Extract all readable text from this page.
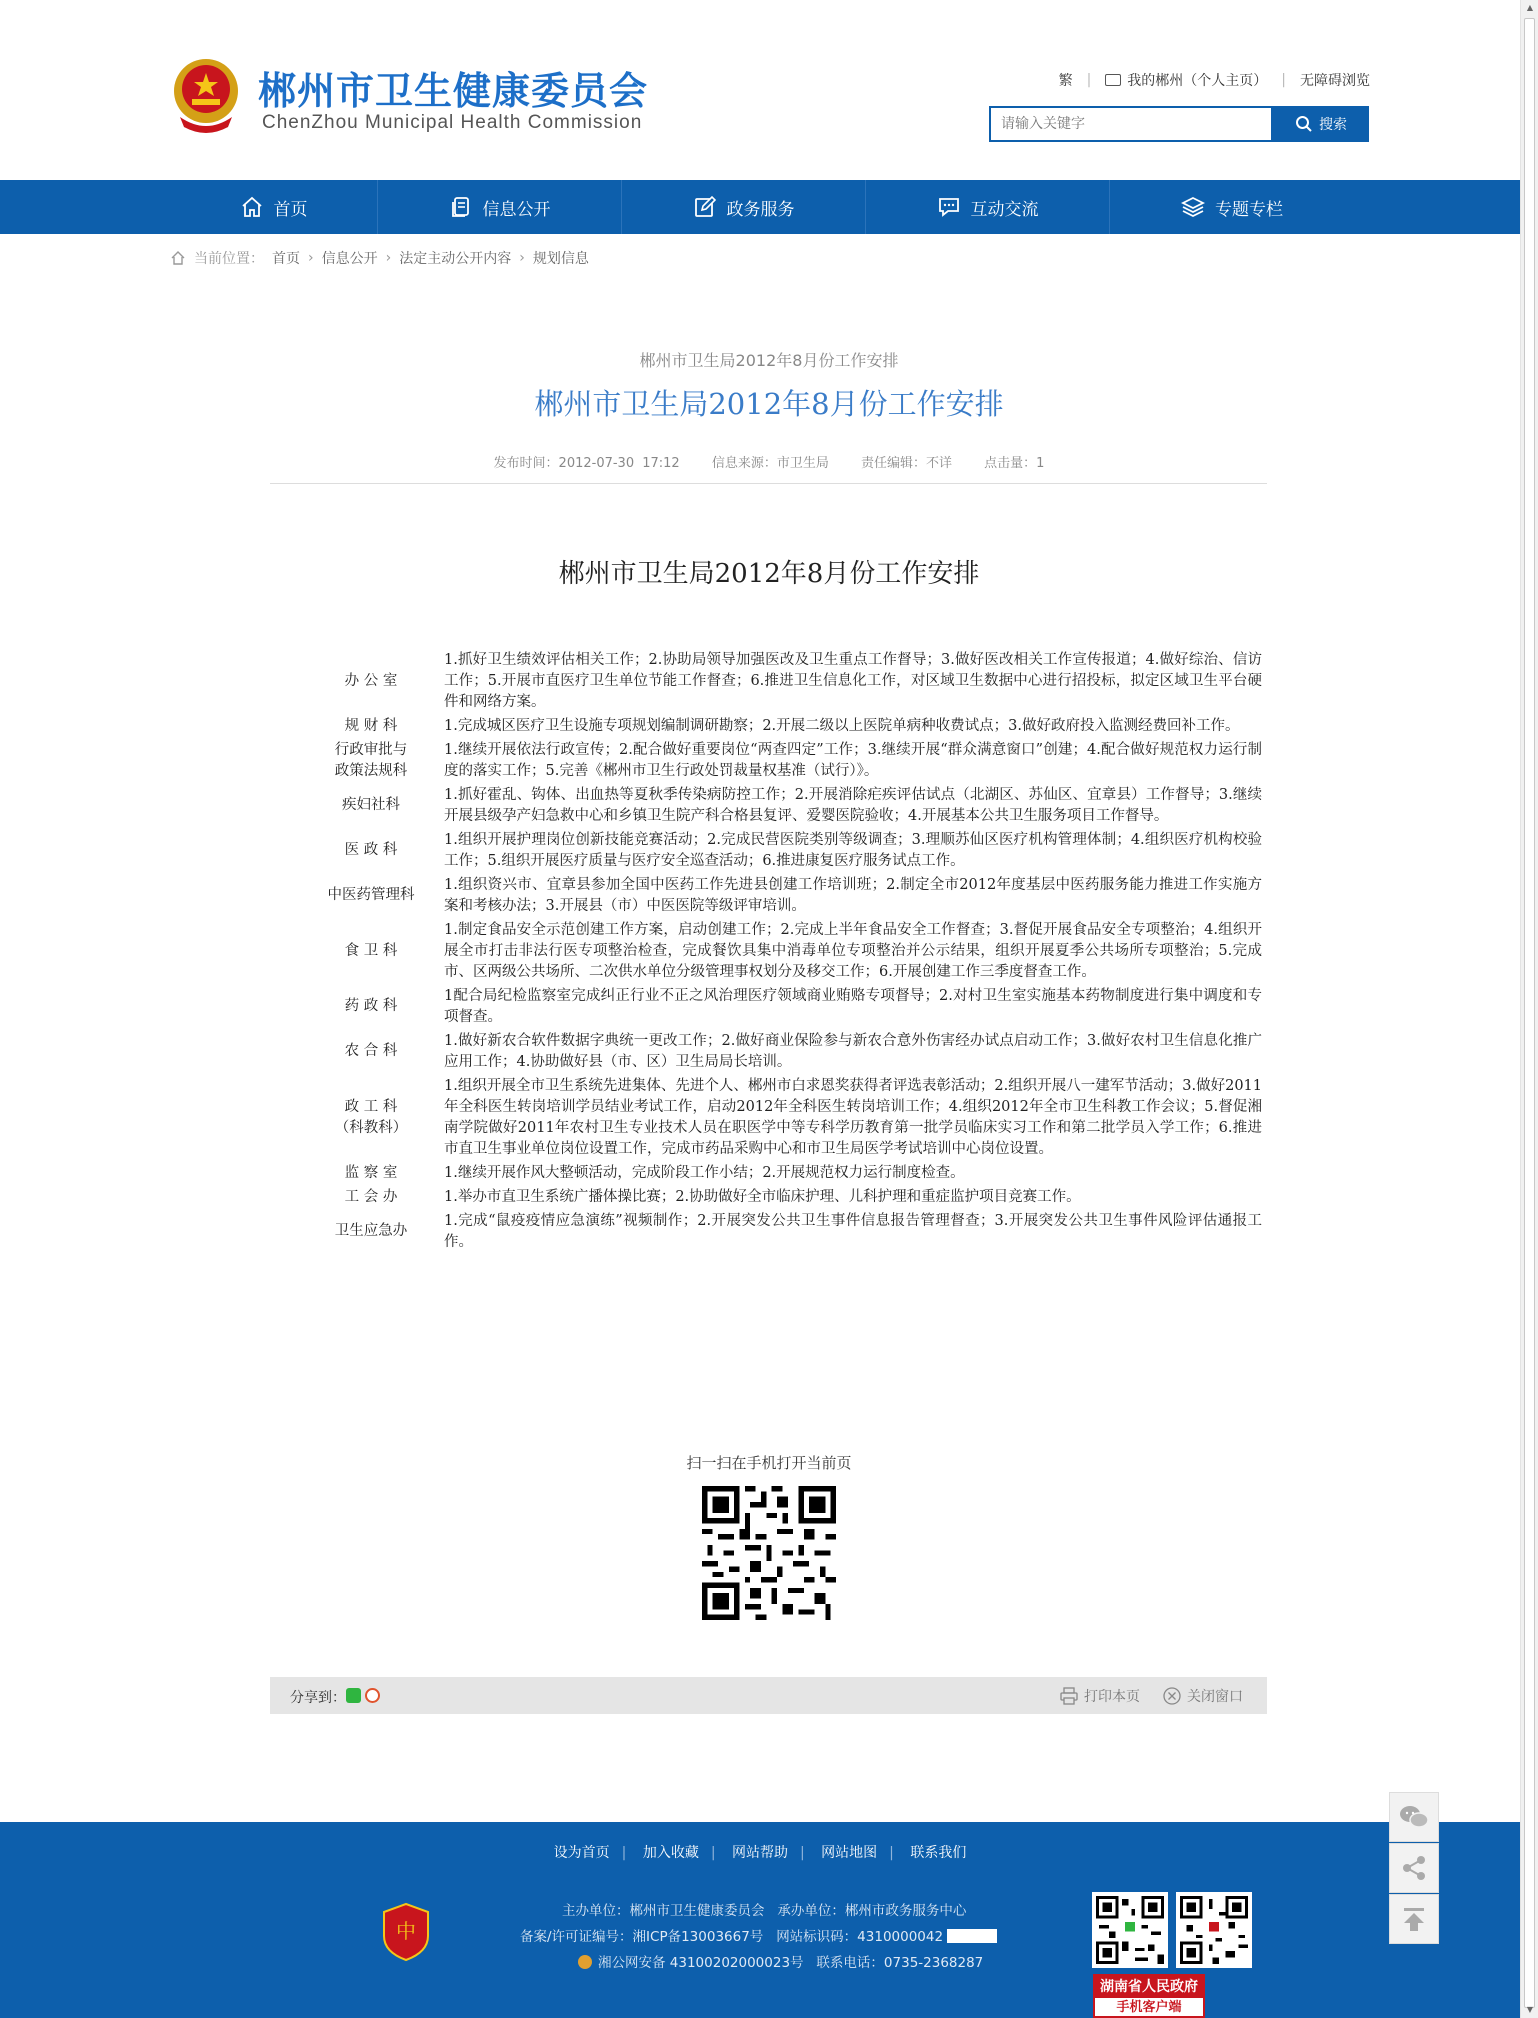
郴州市卫生健康委员会
ChenZhou Municipal Health Commission
繁 |	我的郴州（个人主页） | 无障碍浏览
请输入关键字
搜索
首页	信息公开	政务服务	互动交流	专题专栏
当前位置： 首页 › 信息公开 › 法定主动公开内容 › 规划信息
郴州市卫生局2012年8月份工作安排
郴州市卫生局2012年8月份工作安排
发布时间：2012-07-30 17:12 信息来源：市卫生局 责任编辑：不详 点击量：1
郴州市卫生局2012年8月份工作安排
办 公 室	1.抓好卫生绩效评估相关工作；2.协助局领导加强医改及卫生重点工作督导；3.做好医改相关工作宣传报道；4.做好综治、信访工作；5.开展市直医疗卫生单位节能工作督查；6.推进卫生信息化工作，对区域卫生数据中心进行招投标，拟定区域卫生平台硬件和网络方案。
规 财 科	1.完成城区医疗卫生设施专项规划编制调研勘察；2.开展二级以上医院单病种收费试点；3.做好政府投入监测经费回补工作。
行政审批与
政策法规科	1.继续开展依法行政宣传；2.配合做好重要岗位“两查四定”工作；3.继续开展“群众满意窗口”创建；4.配合做好规范权力运行制度的落实工作；5.完善《郴州市卫生行政处罚裁量权基准（试行）》。
疾妇社科	1.抓好霍乱、钩体、出血热等夏秋季传染病防控工作；2.开展消除疟疾评估试点（北湖区、苏仙区、宜章县）工作督导；3.继续开展县级孕产妇急救中心和乡镇卫生院产科合格县复评、爱婴医院验收；4.开展基本公共卫生服务项目工作督导。
医 政 科	1.组织开展护理岗位创新技能竞赛活动；2.完成民营医院类别等级调查；3.理顺苏仙区医疗机构管理体制；4.组织医疗机构校验工作；5.组织开展医疗质量与医疗安全巡查活动；6.推进康复医疗服务试点工作。
中医药管理科	1.组织资兴市、宜章县参加全国中医药工作先进县创建工作培训班；2.制定全市2012年度基层中医药服务能力推进工作实施方案和考核办法；3.开展县（市）中医医院等级评审培训。
食 卫 科	1.制定食品安全示范创建工作方案，启动创建工作；2.完成上半年食品安全工作督查；3.督促开展食品安全专项整治；4.组织开展全市打击非法行医专项整治检查，完成餐饮具集中消毒单位专项整治并公示结果，组织开展夏季公共场所专项整治；5.完成市、区两级公共场所、二次供水单位分级管理事权划分及移交工作；6.开展创建工作三季度督查工作。
药 政 科	1配合局纪检监察室完成纠正行业不正之风治理医疗领域商业贿赂专项督导；2.对村卫生室实施基本药物制度进行集中调度和专项督查。
农 合 科	1.做好新农合软件数据字典统一更改工作；2.做好商业保险参与新农合意外伤害经办试点启动工作；3.做好农村卫生信息化推广应用工作；4.协助做好县（市、区）卫生局局长培训。
政 工 科
（科教科）	1.组织开展全市卫生系统先进集体、先进个人、郴州市白求恩奖获得者评选表彰活动；2.组织开展八一建军节活动；3.做好2011年全科医生转岗培训学员结业考试工作，启动2012年全科医生转岗培训工作；4.组织2012年全市卫生科教工作会议；5.督促湘南学院做好2011年农村卫生专业技术人员在职医学中等专科学历教育第一批学员临床实习工作和第二批学员入学工作；6.推进市直卫生事业单位岗位设置工作，完成市药品采购中心和市卫生局医学考试培训中心岗位设置。
监 察 室	1.继续开展作风大整顿活动，完成阶段工作小结；2.开展规范权力运行制度检查。
工 会 办	1.举办市直卫生系统广播体操比赛；2.协助做好全市临床护理、儿科护理和重症监护项目竞赛工作。
卫生应急办	1.完成“鼠疫疫情应急演练”视频制作；2.开展突发公共卫生事件信息报告管理督查；3.开展突发公共卫生事件风险评估通报工作。
扫一扫在手机打开当前页
分享到：	打印本页	关闭窗口
设为首页 | 加入收藏 | 网站帮助 | 网站地图 | 联系我们
中
主办单位：郴州市卫生健康委员会 承办单位：郴州市政务服务中心
备案/许可证编号：湘ICP备13003667号 网站标识码：4310000042
湘公网安备 43100202000023号 联系电话：0735-2368287
湖南省人民政府
手机客户端
▲
▼
